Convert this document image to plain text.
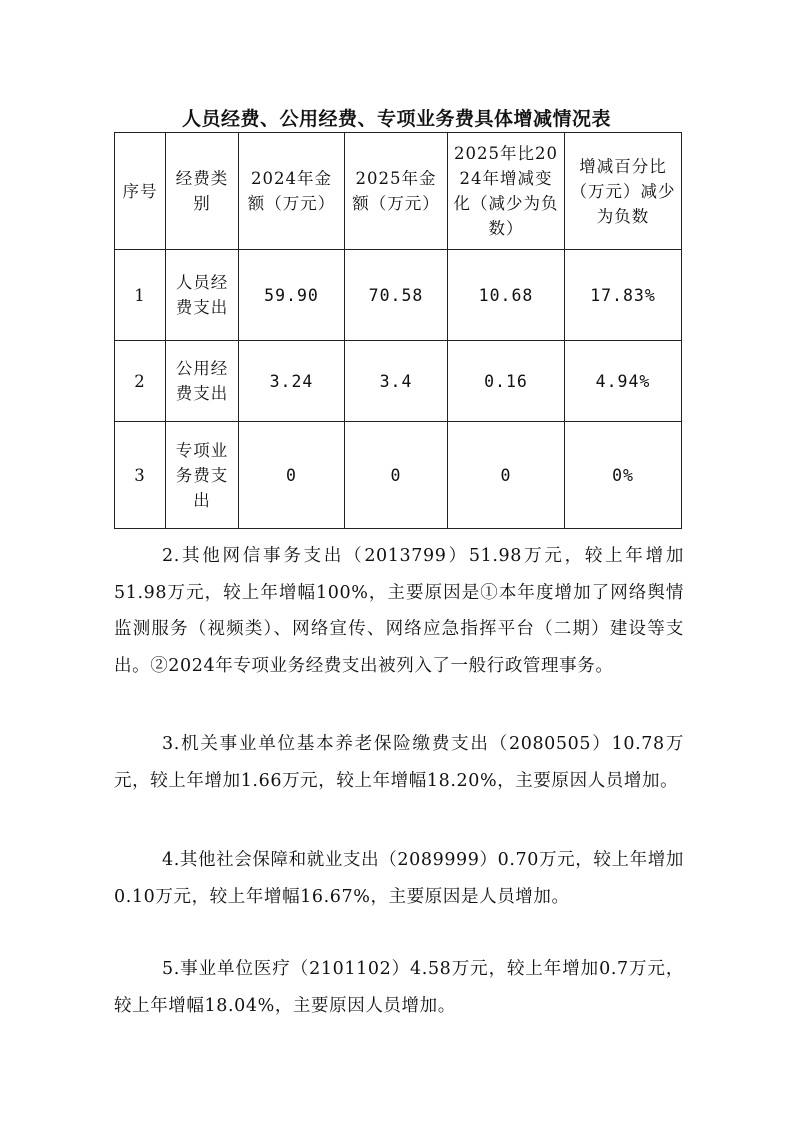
人员经费、公用经费、专项业务费具体增减情况表
序号	经费类别	2024年金额（万元）	2025年金额（万元）	2025年比2024年增减变化（减少为负数）	增减百分比（万元）减少为负数
1	人员经费支出	59.90	70.58	10.68	17.83%
2	公用经费支出	3.24	3.4	0.16	4.94%
3	专项业务费支出	0	0	0	0%

2.其他网信事务支出（2013799）51.98万元，较上年增加51.98万元，较上年增幅100%，主要原因是①本年度增加了网络舆情监测服务（视频类）、网络宣传、网络应急指挥平台（二期）建设等支出。②2024年专项业务经费支出被列入了一般行政管理事务。

3.机关事业单位基本养老保险缴费支出（2080505）10.78万元，较上年增加1.66万元，较上年增幅18.20%，主要原因人员增加。

4.其他社会保障和就业支出（2089999）0.70万元，较上年增加0.10万元，较上年增幅16.67%，主要原因是人员增加。

5.事业单位医疗（2101102）4.58万元，较上年增加0.7万元，较上年增幅18.04%，主要原因人员增加。
